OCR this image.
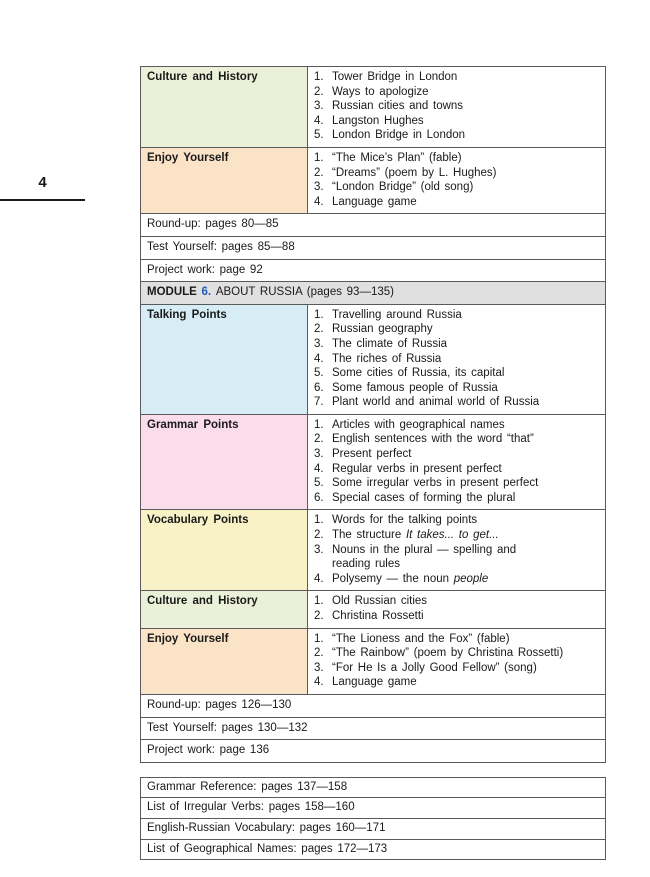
4
Culture and History	1. Tower Bridge in London
2. Ways to apologize
3. Russian cities and towns
4. Langston Hughes
5. London Bridge in London

Enjoy Yourself	1. “The Mice’s Plan” (fable)
2. “Dreams” (poem by L. Hughes)
3. “London Bridge” (old song)
4. Language game

Round-up: pages 80—85	
Test Yourself: pages 85—88	
Project work: page 92	
MODULE 6. ABOUT RUSSIA (pages 93—135)	
Talking Points	1. Travelling around Russia
2. Russian geography
3. The climate of Russia
4. The riches of Russia
5. Some cities of Russia, its capital
6. Some famous people of Russia
7. Plant world and animal world of Russia

Grammar Points	1. Articles with geographical names
2. English sentences with the word “that”
3. Present perfect
4. Regular verbs in present perfect
5. Some irregular verbs in present perfect
6. Special cases of forming the plural

Vocabulary Points	1. Words for the talking points
2. The structure It takes... to get...
3. Nouns in the plural — spelling and
reading rules
4. Polysemy — the noun people

Culture and History	1. Old Russian cities
2. Christina Rossetti

Enjoy Yourself	1. “The Lioness and the Fox” (fable)
2. “The Rainbow” (poem by Christina Rossetti)
3. “For He Is a Jolly Good Fellow” (song)
4. Language game

Round-up: pages 126—130	
Test Yourself: pages 130—132	
Project work: page 136	
Grammar Reference: pages 137—158
List of Irregular Verbs: pages 158—160
English-Russian Vocabulary: pages 160—171
List of Geographical Names: pages 172—173
